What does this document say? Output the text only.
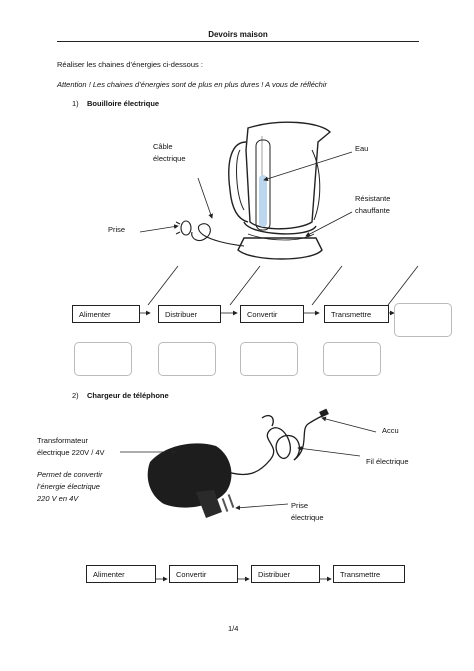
Devoirs maison
Réaliser les chaines d’énergies ci-dessous :
Attention ! Les chaines d’énergies sont de plus en plus dures ! A vous de réfléchir
1) Bouilloire électrique
Câble
électrique
Eau
Résistante
chauffante
Prise
Alimenter	Distribuer	Convertir	Transmettre
2) Chargeur de téléphone
Transformateur
électrique 220V / 4V
Permet de convertir
l’énergie électrique
220 V en 4V
Accu
Fil électrique
Prise
électrique
Alimenter	Convertir	Distribuer	Transmettre
1/4
